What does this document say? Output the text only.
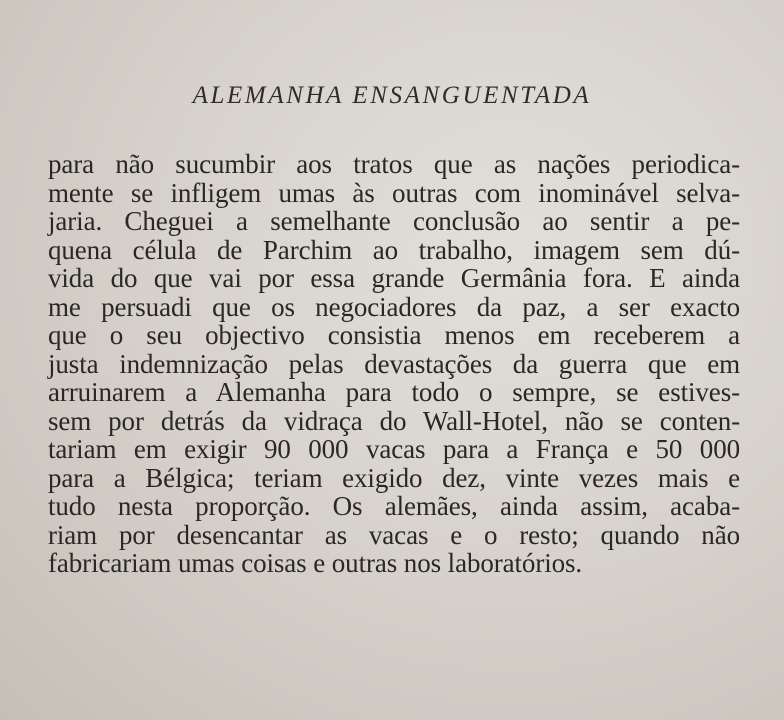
ALEMANHA ENSANGUENTADA
para não sucumbir aos tratos que as nações periodica-
mente se infligem umas às outras com inominável selva-
jaria. Cheguei a semelhante conclusão ao sentir a pe-
quena célula de Parchim ao trabalho, imagem sem dú-
vida do que vai por essa grande Germânia fora. E ainda
me persuadi que os negociadores da paz, a ser exacto
que o seu objectivo consistia menos em receberem a
justa indemnização pelas devastações da guerra que em
arruinarem a Alemanha para todo o sempre, se estives-
sem por detrás da vidraça do Wall-Hotel, não se conten-
tariam em exigir 90 000 vacas para a França e 50 000
para a Bélgica; teriam exigido dez, vinte vezes mais e
tudo nesta proporção. Os alemães, ainda assim, acaba-
riam por desencantar as vacas e o resto; quando não
fabricariam umas coisas e outras nos laboratórios.
